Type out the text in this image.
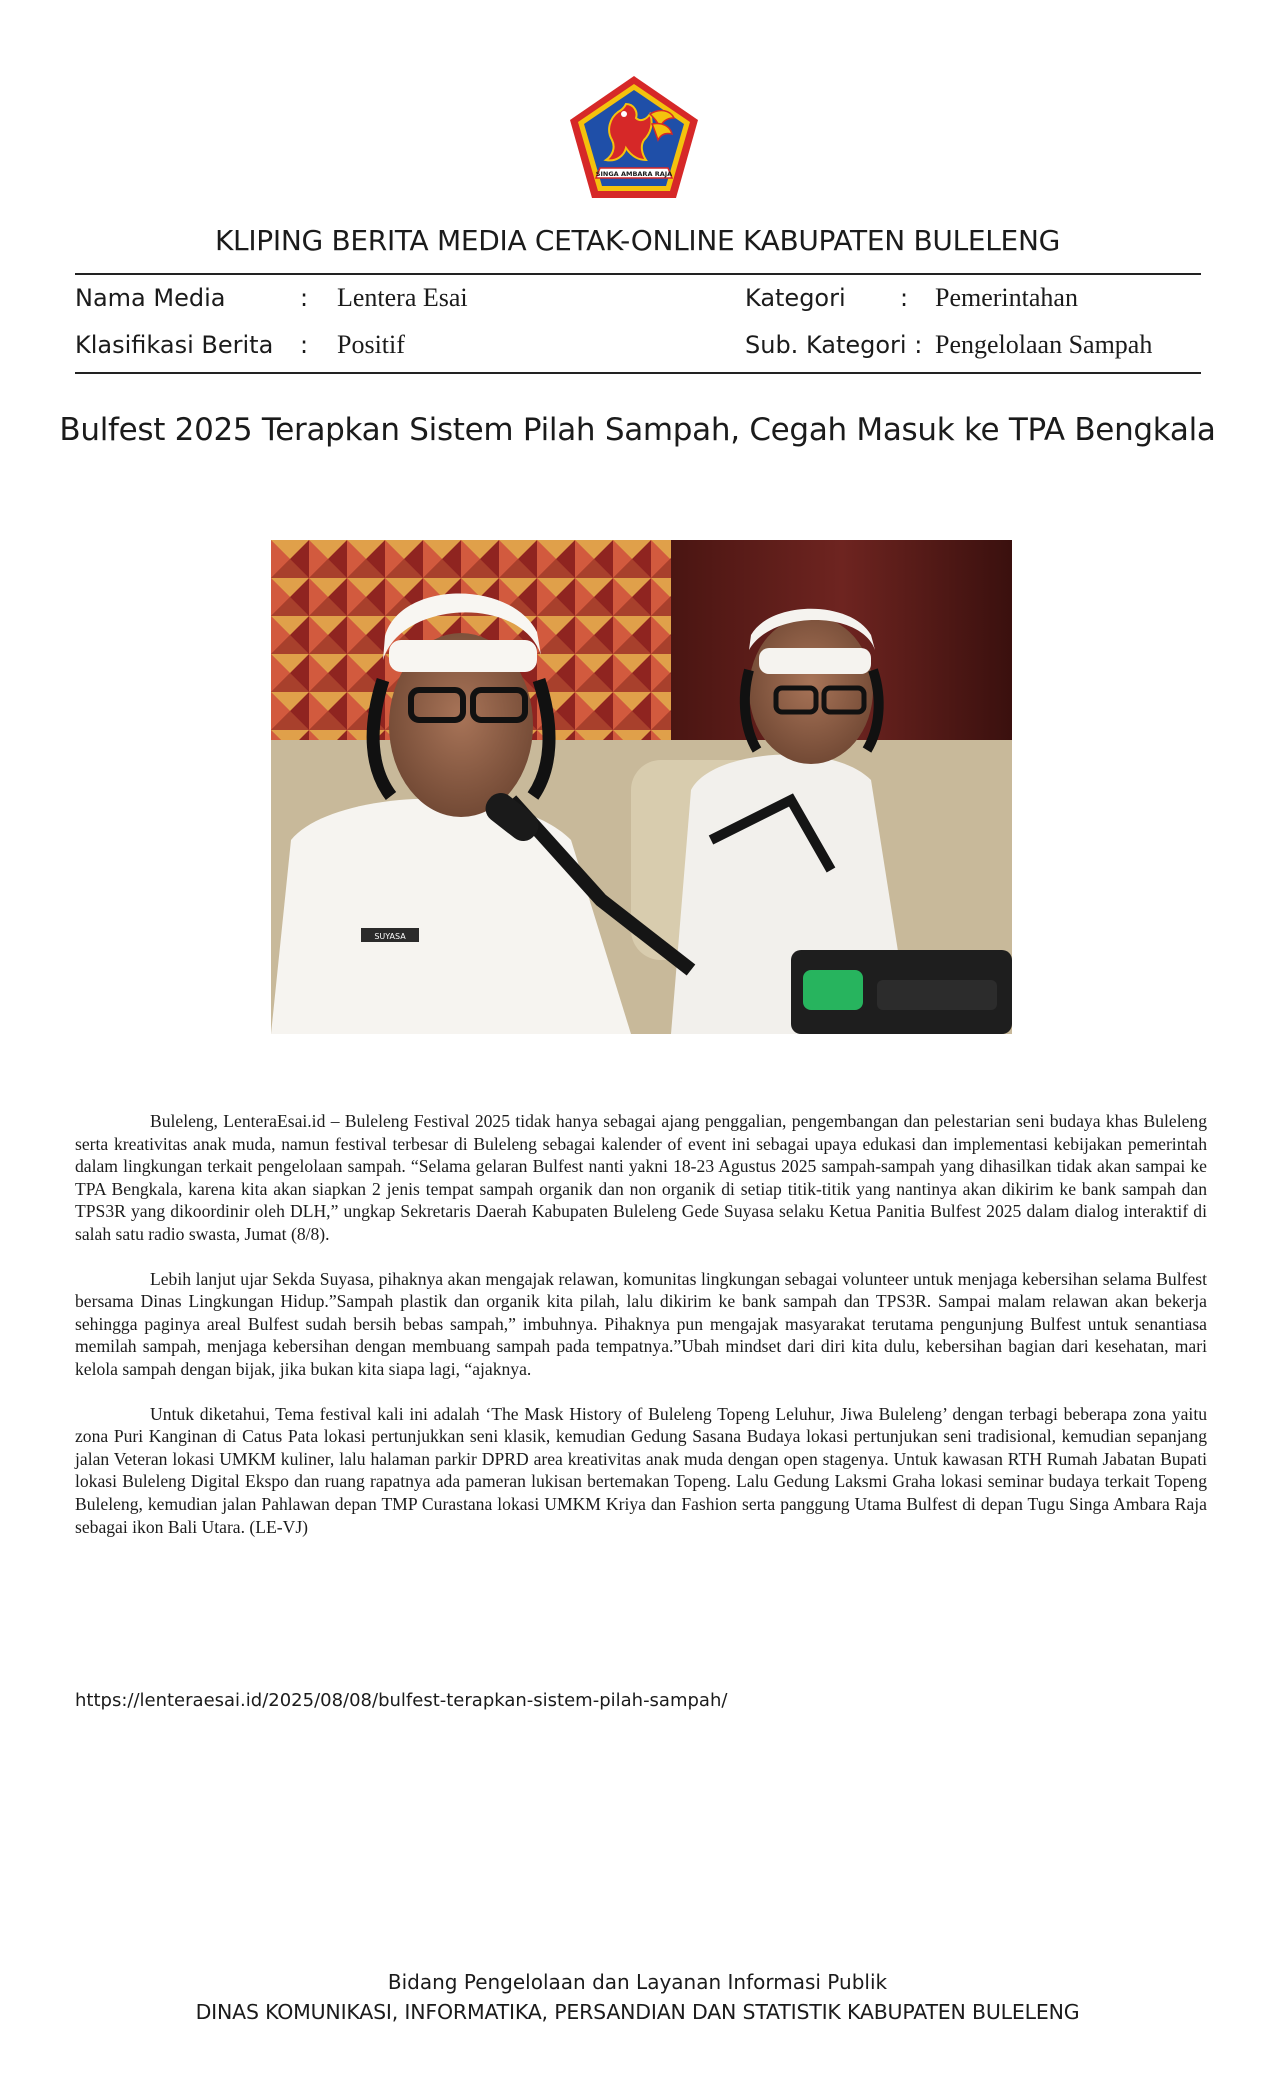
SINGA AMBARA RAJA
KLIPING BERITA MEDIA CETAK-ONLINE KABUPATEN BULELENG
Nama Media	: Lentera Esai	Kategori : Pemerintahan
Klasifikasi Berita : Positif	Sub. Kategori : Pengelolaan Sampah
Bulfest 2025 Terapkan Sistem Pilah Sampah, Cegah Masuk ke TPA Bengkala
SUYASA

Buleleng, LenteraEsai.id – Buleleng Festival 2025 tidak hanya sebagai ajang penggalian, pengembangan dan pelestarian seni budaya khas Buleleng serta kreativitas anak muda, namun festival terbesar di Buleleng sebagai kalender of event ini sebagai upaya edukasi dan implementasi kebijakan pemerintah dalam lingkungan terkait pengelolaan sampah. “Selama gelaran Bulfest nanti yakni 18-23 Agustus 2025 sampah-sampah yang dihasilkan tidak akan sampai ke TPA Bengkala, karena kita akan siapkan 2 jenis tempat sampah organik dan non organik di setiap titik-titik yang nantinya akan dikirim ke bank sampah dan TPS3R yang dikoordinir oleh DLH,” ungkap Sekretaris Daerah Kabupaten Buleleng Gede Suyasa selaku Ketua Panitia Bulfest 2025 dalam dialog interaktif di salah satu radio swasta, Jumat (8/8).

Lebih lanjut ujar Sekda Suyasa, pihaknya akan mengajak relawan, komunitas lingkungan sebagai volunteer untuk menjaga kebersihan selama Bulfest bersama Dinas Lingkungan Hidup.”Sampah plastik dan organik kita pilah, lalu dikirim ke bank sampah dan TPS3R. Sampai malam relawan akan bekerja sehingga paginya areal Bulfest sudah bersih bebas sampah,” imbuhnya. Pihaknya pun mengajak masyarakat terutama pengunjung Bulfest untuk senantiasa memilah sampah, menjaga kebersihan dengan membuang sampah pada tempatnya.”Ubah mindset dari diri kita dulu, kebersihan bagian dari kesehatan, mari kelola sampah dengan bijak, jika bukan kita siapa lagi, “ajaknya.

Untuk diketahui, Tema festival kali ini adalah ‘The Mask History of Buleleng Topeng Leluhur, Jiwa Buleleng’ dengan terbagi beberapa zona yaitu zona Puri Kanginan di Catus Pata lokasi pertunjukkan seni klasik, kemudian Gedung Sasana Budaya lokasi pertunjukan seni tradisional, kemudian sepanjang jalan Veteran lokasi UMKM kuliner, lalu halaman parkir DPRD area kreativitas anak muda dengan open stagenya. Untuk kawasan RTH Rumah Jabatan Bupati lokasi Buleleng Digital Ekspo dan ruang rapatnya ada pameran lukisan bertemakan Topeng. Lalu Gedung Laksmi Graha lokasi seminar budaya terkait Topeng Buleleng, kemudian jalan Pahlawan depan TMP Curastana lokasi UMKM Kriya dan Fashion serta panggung Utama Bulfest di depan Tugu Singa Ambara Raja sebagai ikon Bali Utara. (LE-VJ)

https://lenteraesai.id/2025/08/08/bulfest-terapkan-sistem-pilah-sampah/
Bidang Pengelolaan dan Layanan Informasi Publik
DINAS KOMUNIKASI, INFORMATIKA, PERSANDIAN DAN STATISTIK KABUPATEN BULELENG
